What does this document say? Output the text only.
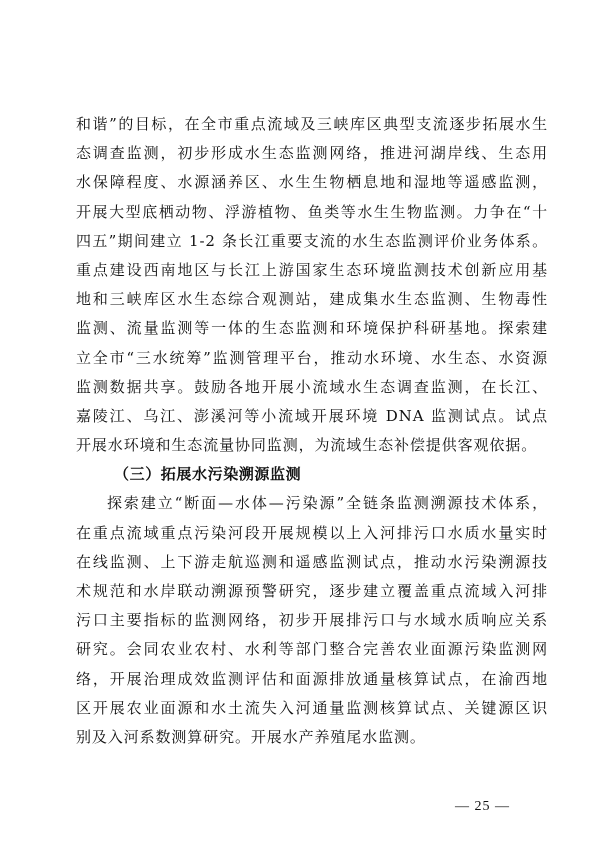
和谐”的目标，在全市重点流域及三峡库区典型支流逐步拓展水生
态调查监测，初步形成水生态监测网络，推进河湖岸线、生态用
水保障程度、水源涵养区、水生生物栖息地和湿地等遥感监测，
开展大型底栖动物、浮游植物、鱼类等水生生物监测。力争在“十
四五”期间建立 1-2 条长江重要支流的水生态监测评价业务体系。
重点建设西南地区与长江上游国家生态环境监测技术创新应用基
地和三峡库区水生态综合观测站，建成集水生态监测、生物毒性
监测、流量监测等一体的生态监测和环境保护科研基地。探索建
立全市“三水统筹”监测管理平台，推动水环境、水生态、水资源
监测数据共享。鼓励各地开展小流域水生态调查监测，在长江、
嘉陵江、乌江、澎溪河等小流域开展环境 DNA 监测试点。试点
开展水环境和生态流量协同监测，为流域生态补偿提供客观依据。
（三）拓展水污染溯源监测
探索建立“断面—水体—污染源”全链条监测溯源技术体系，
在重点流域重点污染河段开展规模以上入河排污口水质水量实时
在线监测、上下游走航巡测和遥感监测试点，推动水污染溯源技
术规范和水岸联动溯源预警研究，逐步建立覆盖重点流域入河排
污口主要指标的监测网络，初步开展排污口与水域水质响应关系
研究。会同农业农村、水利等部门整合完善农业面源污染监测网
络，开展治理成效监测评估和面源排放通量核算试点，在渝西地
区开展农业面源和水土流失入河通量监测核算试点、关键源区识
别及入河系数测算研究。开展水产养殖尾水监测。
— 25 —
